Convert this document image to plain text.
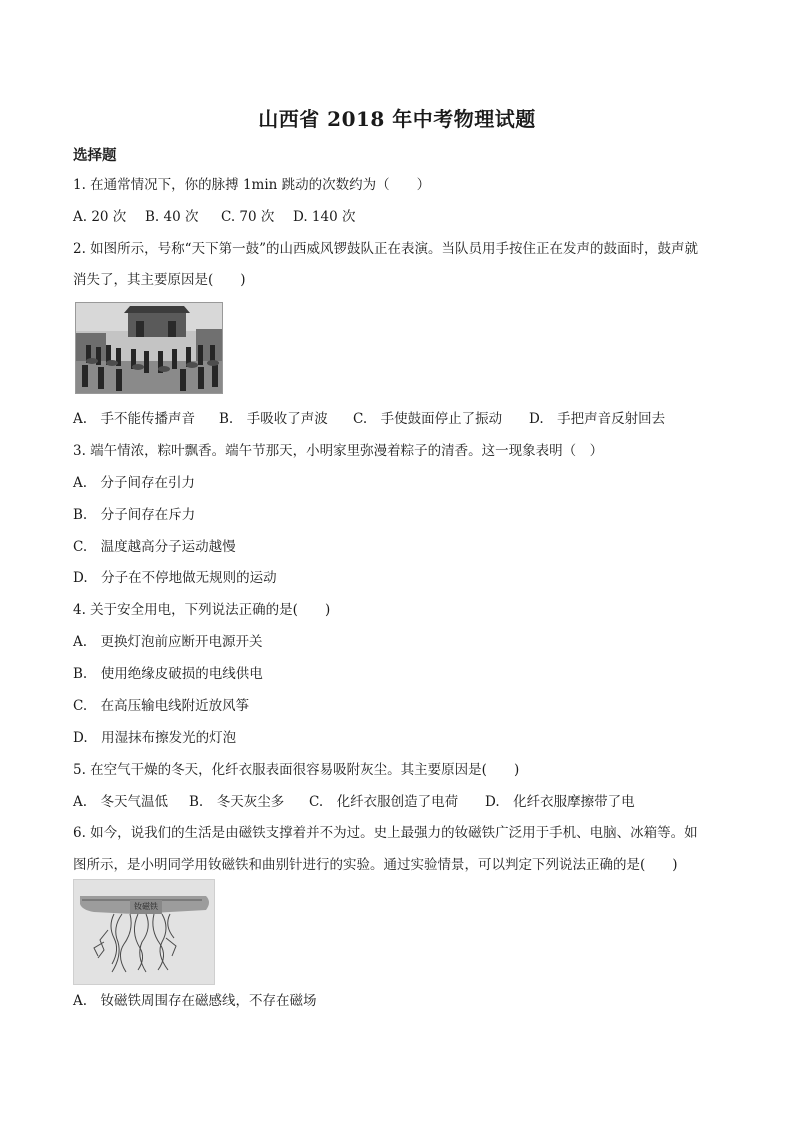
山西省 2018 年中考物理试题
选择题
1. 在通常情况下，你的脉搏 1min 跳动的次数约为（　　）
A. 20 次 B. 40 次 C. 70 次 D. 140 次
2. 如图所示，号称“天下第一鼓”的山西威风锣鼓队正在表演。当队员用手按住正在发声的鼓面时，鼓声就
消失了，其主要原因是(　　)
A.　手不能传播声音 B.　手吸收了声波 C.　手使鼓面停止了振动 D.　手把声音反射回去
3. 端午情浓，粽叶飘香。端午节那天，小明家里弥漫着粽子的清香。这一现象表明（　）
A.　分子间存在引力
B.　分子间存在斥力
C.　温度越高分子运动越慢
D.　分子在不停地做无规则的运动
4. 关于安全用电，下列说法正确的是(　　)
A.　更换灯泡前应断开电源开关
B.　使用绝缘皮破损的电线供电
C.　在高压输电线附近放风筝
D.　用湿抹布擦发光的灯泡
5. 在空气干燥的冬天，化纤衣服表面很容易吸附灰尘。其主要原因是(　　)
A.　冬天气温低 B.　冬天灰尘多 C.　化纤衣服创造了电荷 D.　化纤衣服摩擦带了电
6. 如今，说我们的生活是由磁铁支撑着并不为过。史上最强力的钕磁铁广泛用于手机、电脑、冰箱等。如
图所示，是小明同学用钕磁铁和曲别针进行的实验。通过实验情景，可以判定下列说法正确的是(　　)
钕磁铁
A.　钕磁铁周围存在磁感线，不存在磁场
